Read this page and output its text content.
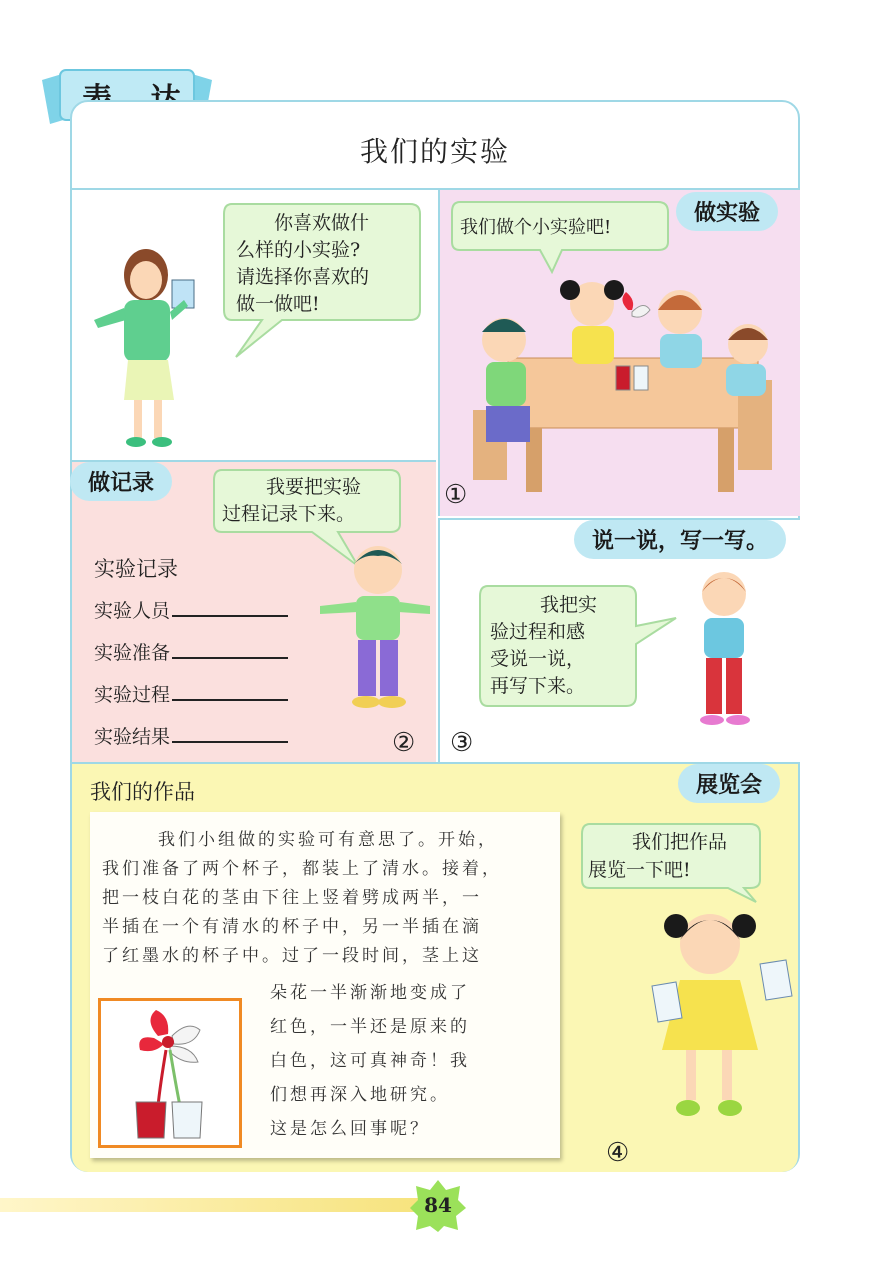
我们的实验
你喜欢做什
么样的小实验?
请选择你喜欢的
做一做吧!
做实验
我们做个小实验吧!
①
做记录	我要把实验
过程记录下来。
实验记录
实验人员
实验准备
实验过程
实验结果	②
说一说，写一写。
我把实
验过程和感
受说一说，
再写下来。
③
我们的作品	展览会
我们小组做的实验可有意思了。开始，
我们准备了两个杯子，都装上了清水。接着，
把一枝白花的茎由下往上竖着劈成两半，一
半插在一个有清水的杯子中，另一半插在滴
了红墨水的杯子中。过了一段时间，茎上这
朵花一半渐渐地变成了
红色，一半还是原来的
白色，这可真神奇！我
们想再深入地研究。
这是怎么回事呢？
我们把作品
展览一下吧!
④
84
